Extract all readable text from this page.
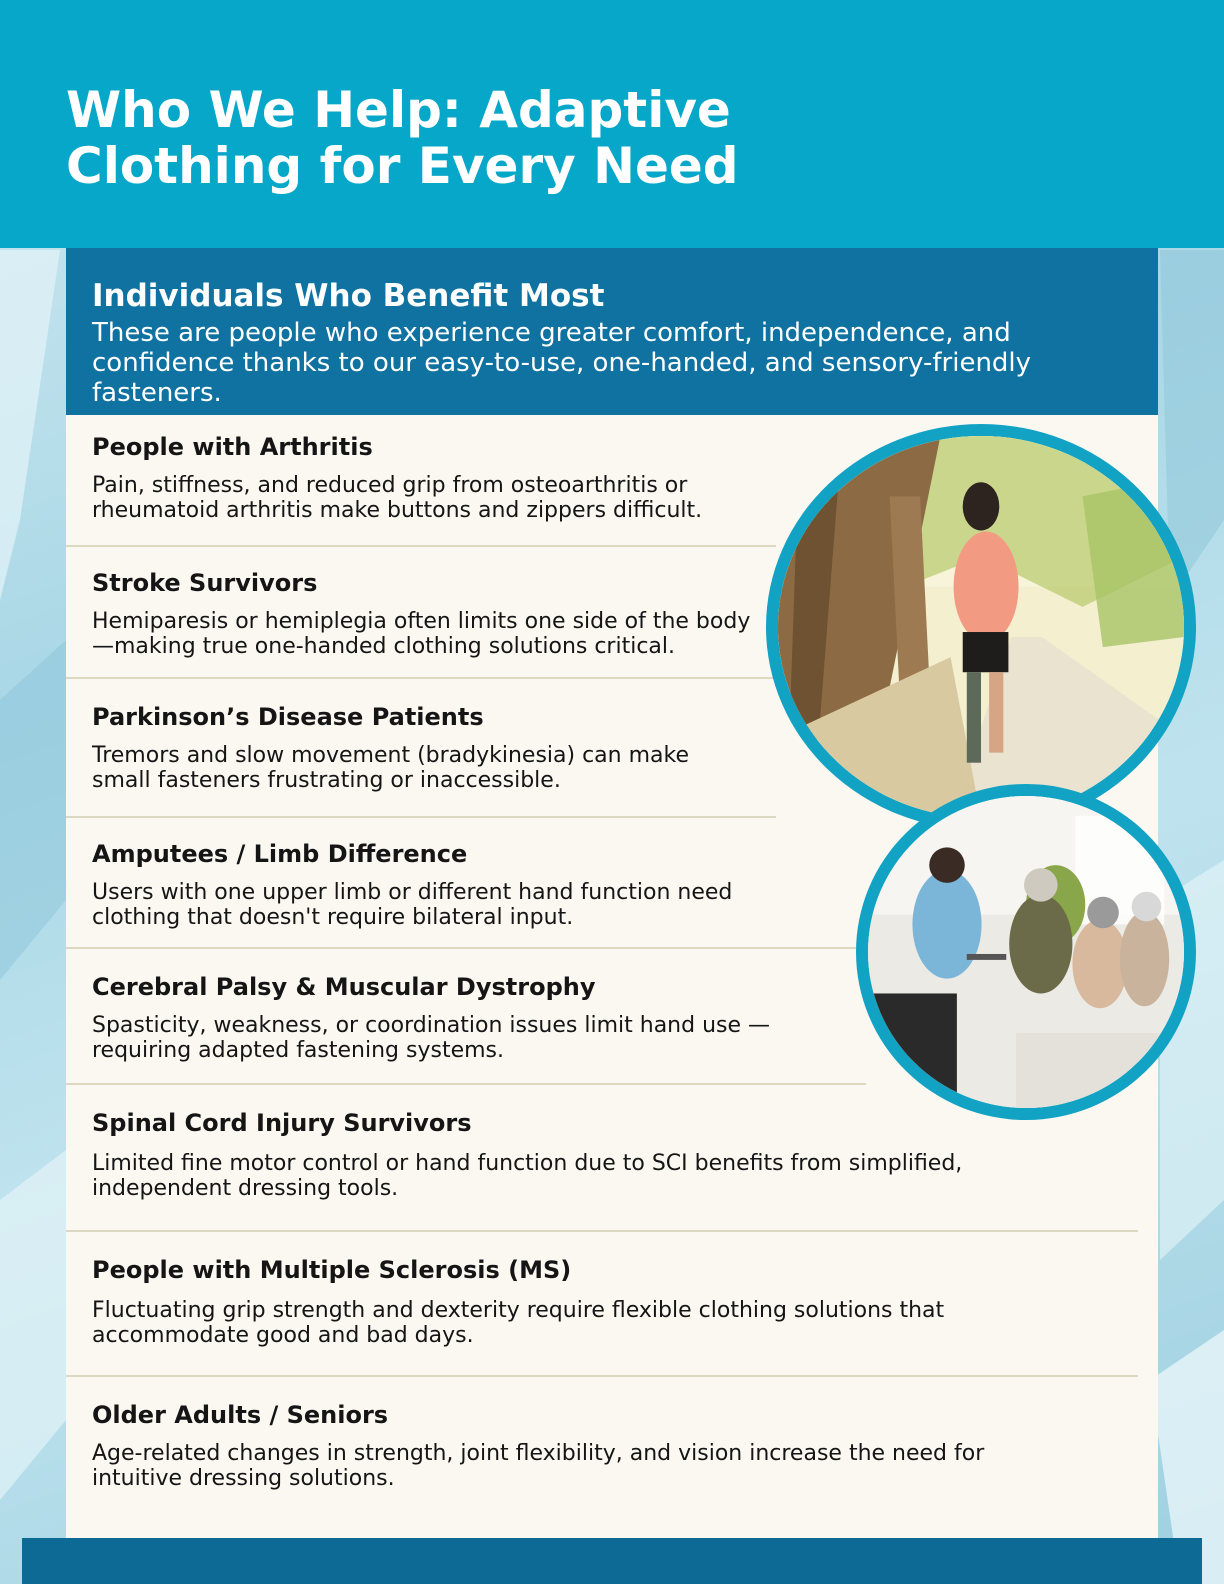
Who We Help: Adaptive Clothing for Every Need
Individuals Who Benefit Most
These are people who experience greater comfort, independence, and confidence thanks to our easy-to-use, one-handed, and sensory-friendly fasteners.
People with Arthritis
Pain, stiffness, and reduced grip from osteoarthritis or rheumatoid arthritis make buttons and zippers difficult.
Stroke Survivors
Hemiparesis or hemiplegia often limits one side of the body—making true one-handed clothing solutions critical.
Parkinson’s Disease Patients
Tremors and slow movement (bradykinesia) can make small fasteners frustrating or inaccessible.
Amputees / Limb Difference
Users with one upper limb or different hand function need clothing that doesn't require bilateral input.
Cerebral Palsy & Muscular Dystrophy
Spasticity, weakness, or coordination issues limit hand use —requiring adapted fastening systems.
Spinal Cord Injury Survivors
Limited fine motor control or hand function due to SCI benefits from simplified, independent dressing tools.
People with Multiple Sclerosis (MS)
Fluctuating grip strength and dexterity require flexible clothing solutions that accommodate good and bad days.
Older Adults / Seniors
Age-related changes in strength, joint flexibility, and vision increase the need for intuitive dressing solutions.
